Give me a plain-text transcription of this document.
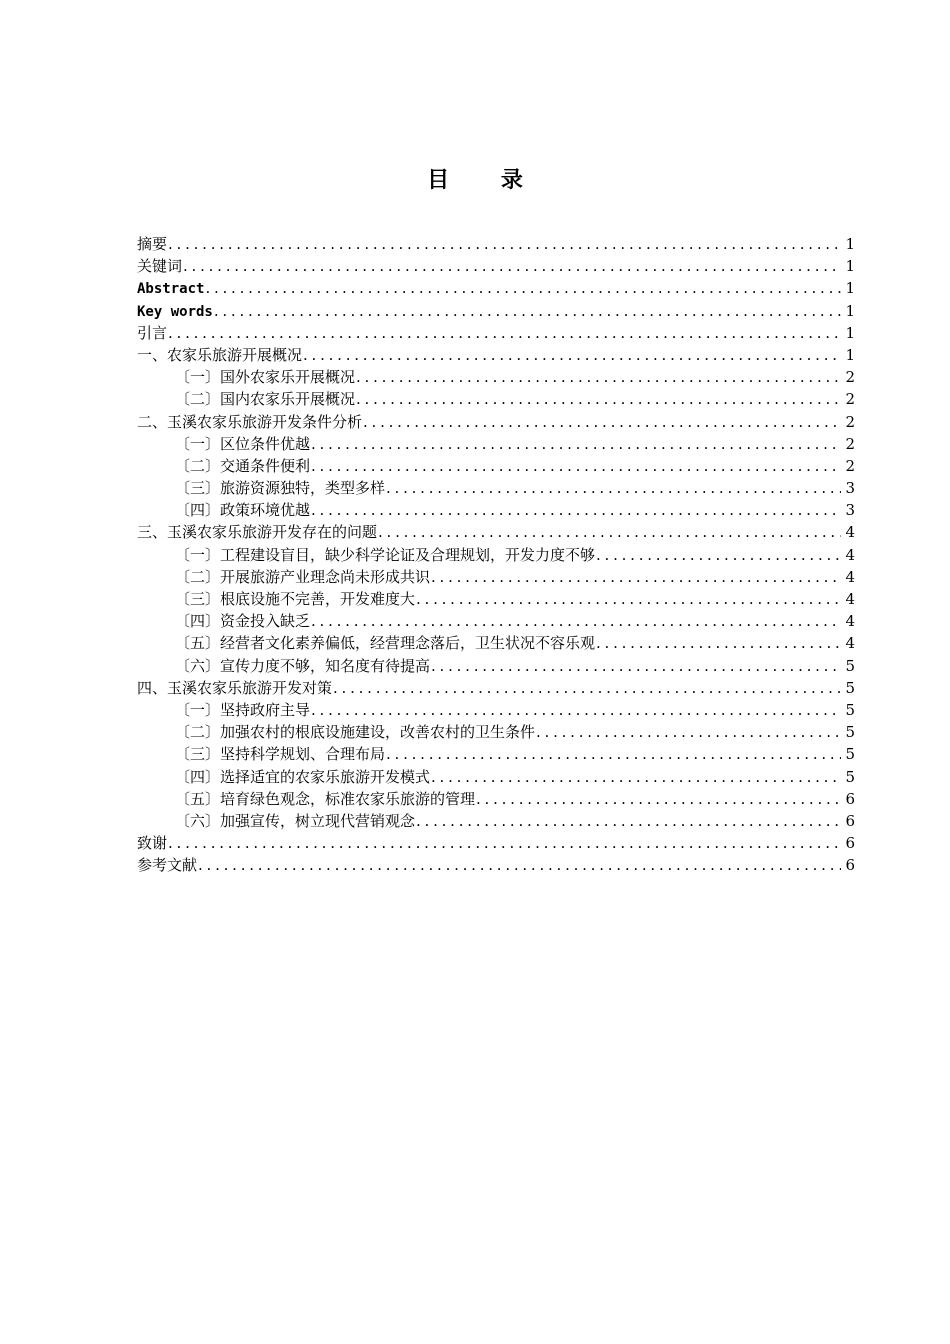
目 录
摘要 . . .	1
关键词 . . .	1
Abstract . . .	1
Key words . . .	1
引言 . . .	1
一、农家乐旅游开展概况 . . .	1
〔一〕国外农家乐开展概况 . . .	2
〔二〕国内农家乐开展概况 . . .	2
二、玉溪农家乐旅游开发条件分析 . . .	2
〔一〕区位条件优越 . . .	2
〔二〕交通条件便利 . . .	2
〔三〕旅游资源独特，类型多样 . . .	3
〔四〕政策环境优越 . . .	3
三、玉溪农家乐旅游开发存在的问题 . . .	4
〔一〕工程建设盲目，缺少科学论证及合理规划，开发力度不够 . . .	4
〔二〕开展旅游产业理念尚未形成共识 . . .	4
〔三〕根底设施不完善，开发难度大 . . .	4
〔四〕资金投入缺乏 . . .	4
〔五〕经营者文化素养偏低，经营理念落后，卫生状况不容乐观 . . .	4
〔六〕宣传力度不够，知名度有待提高 . . .	5
四、玉溪农家乐旅游开发对策 . . .	5
〔一〕坚持政府主导 . . .	5
〔二〕加强农村的根底设施建设，改善农村的卫生条件 . . .	5
〔三〕坚持科学规划、合理布局 . . .	5
〔四〕选择适宜的农家乐旅游开发模式 . . .	5
〔五〕培育绿色观念，标准农家乐旅游的管理 . . .	6
〔六〕加强宣传，树立现代营销观念 . . .	6
致谢 . . .	6
参考文献 . . .	6
